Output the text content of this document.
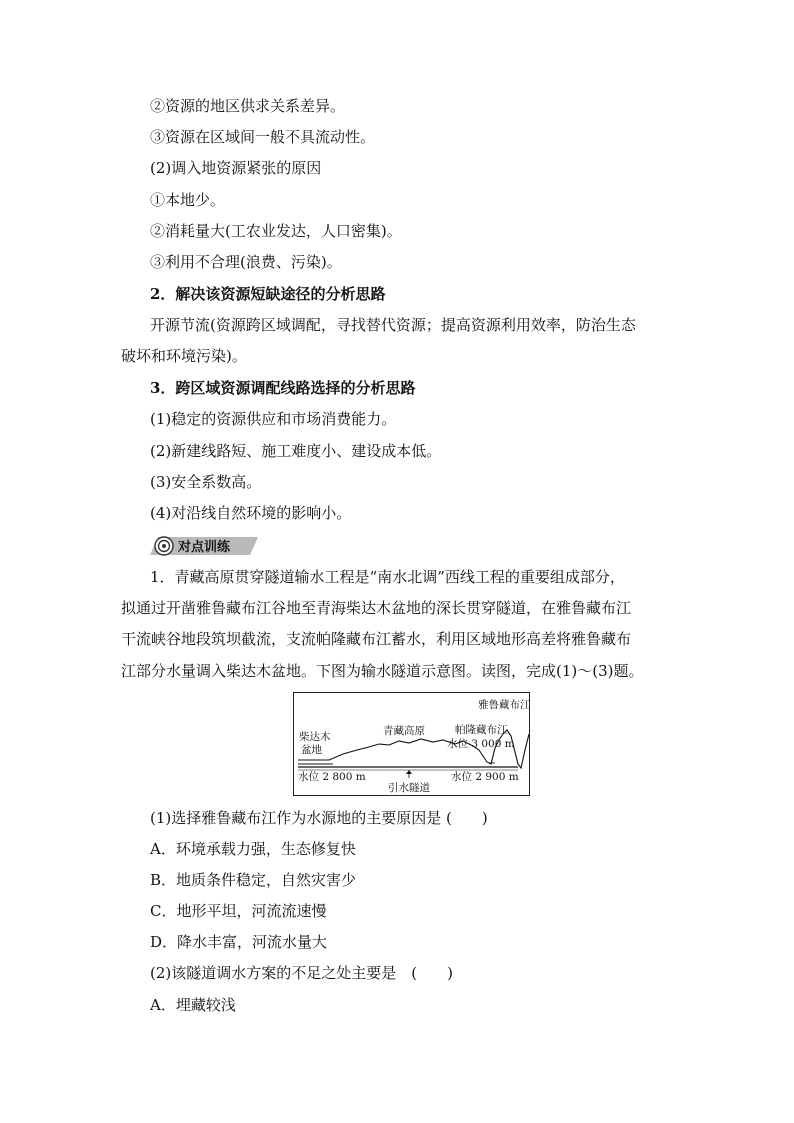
②资源的地区供求关系差异。
③资源在区域间一般不具流动性。
(2)调入地资源紧张的原因
①本地少。
②消耗量大(工农业发达，人口密集)。
③利用不合理(浪费、污染)。
2．解决该资源短缺途径的分析思路
开源节流(资源跨区域调配，寻找替代资源；提高资源利用效率，防治生态
破坏和环境污染)。
3．跨区域资源调配线路选择的分析思路
(1)稳定的资源供应和市场消费能力。
(2)新建线路短、施工难度小、建设成本低。
(3)安全系数高。
(4)对沿线自然环境的影响小。
对点训练
1．青藏高原贯穿隧道输水工程是“南水北调”西线工程的重要组成部分，
拟通过开凿雅鲁藏布江谷地至青海柴达木盆地的深长贯穿隧道，在雅鲁藏布江
干流峡谷地段筑坝截流，支流帕隆藏布江蓄水，利用区域地形高差将雅鲁藏布
江部分水量调入柴达木盆地。下图为输水隧道示意图。读图，完成(1)～(3)题。
柴达木
盆地
青藏高原
雅鲁藏布江
帕隆藏布江
水位 3 000 m
水位 2 800 m	水位 2 900 m
引水隧道
(1)选择雅鲁藏布江作为水源地的主要原因是 (　　)
A．环境承载力强，生态修复快
B．地质条件稳定，自然灾害少
C．地形平坦，河流流速慢
D．降水丰富，河流水量大
(2)该隧道调水方案的不足之处主要是　(　　)
A．埋藏较浅
